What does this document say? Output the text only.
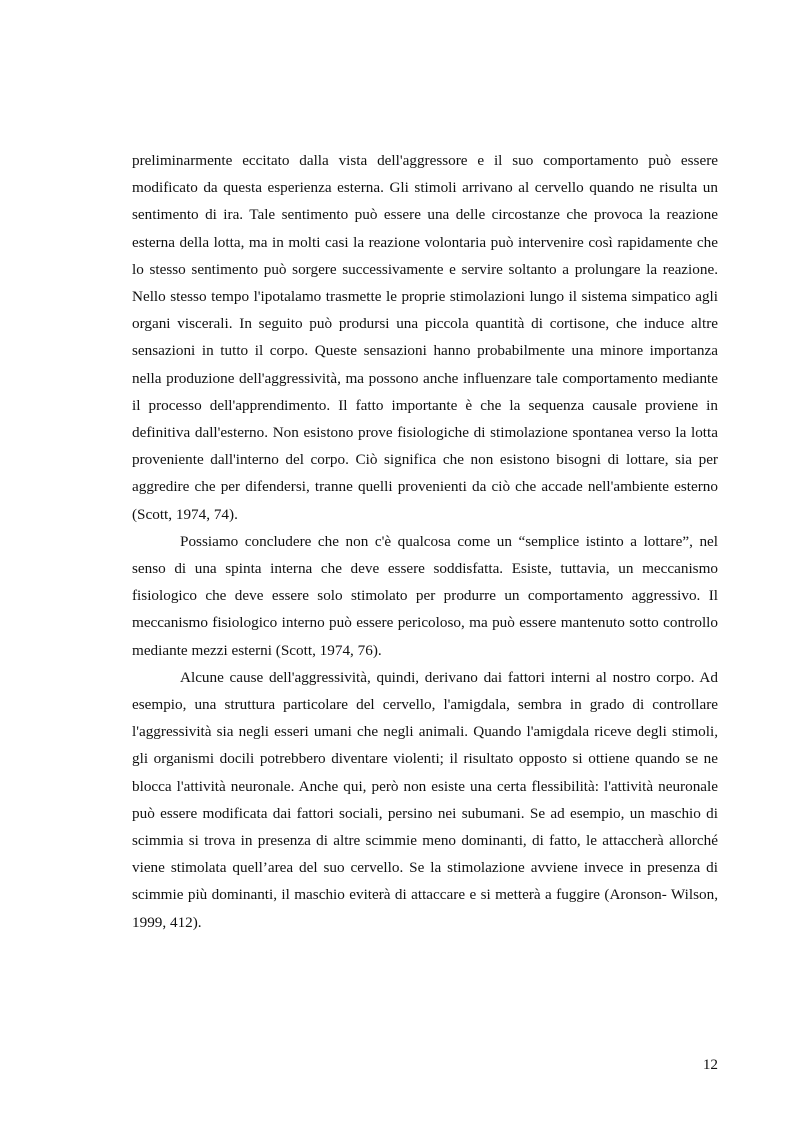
preliminarmente eccitato dalla vista dell'aggressore e il suo comportamento può essere modificato da questa esperienza esterna. Gli stimoli arrivano al cervello quando ne risulta un sentimento di ira. Tale sentimento può essere una delle circostanze che provoca la reazione esterna della lotta, ma in molti casi la reazione volontaria può intervenire così rapidamente che lo stesso sentimento può sorgere successivamente e servire soltanto a prolungare la reazione. Nello stesso tempo l'ipotalamo trasmette le proprie stimolazioni lungo il sistema simpatico agli organi viscerali. In seguito può prodursi una piccola quantità di cortisone, che induce altre sensazioni in tutto il corpo. Queste sensazioni hanno probabilmente una minore importanza nella produzione dell'aggressività, ma possono anche influenzare tale comportamento mediante il processo dell'apprendimento. Il fatto importante è che la sequenza causale proviene in definitiva dall'esterno. Non esistono prove fisiologiche di stimolazione spontanea verso la lotta proveniente dall'interno del corpo. Ciò significa che non esistono bisogni di lottare, sia per aggredire che per difendersi, tranne quelli provenienti da ciò che accade nell'ambiente esterno (Scott, 1974, 74).

Possiamo concludere che non c'è qualcosa come un “semplice istinto a lottare”, nel senso di una spinta interna che deve essere soddisfatta. Esiste, tuttavia, un meccanismo fisiologico che deve essere solo stimolato per produrre un comportamento aggressivo. Il meccanismo fisiologico interno può essere pericoloso, ma può essere mantenuto sotto controllo mediante mezzi esterni (Scott, 1974, 76).

Alcune cause dell'aggressività, quindi, derivano dai fattori interni al nostro corpo. Ad esempio, una struttura particolare del cervello, l'amigdala, sembra in grado di controllare l'aggressività sia negli esseri umani che negli animali. Quando l'amigdala riceve degli stimoli, gli organismi docili potrebbero diventare violenti; il risultato opposto si ottiene quando se ne blocca l'attività neuronale. Anche qui, però non esiste una certa flessibilità: l'attività neuronale può essere modificata dai fattori sociali, persino nei subumani. Se ad esempio, un maschio di scimmia si trova in presenza di altre scimmie meno dominanti, di fatto, le attaccherà allorché viene stimolata quell’area del suo cervello. Se la stimolazione avviene invece in presenza di scimmie più dominanti, il maschio eviterà di attaccare e si metterà a fuggire (Aronson- Wilson, 1999, 412).

12
